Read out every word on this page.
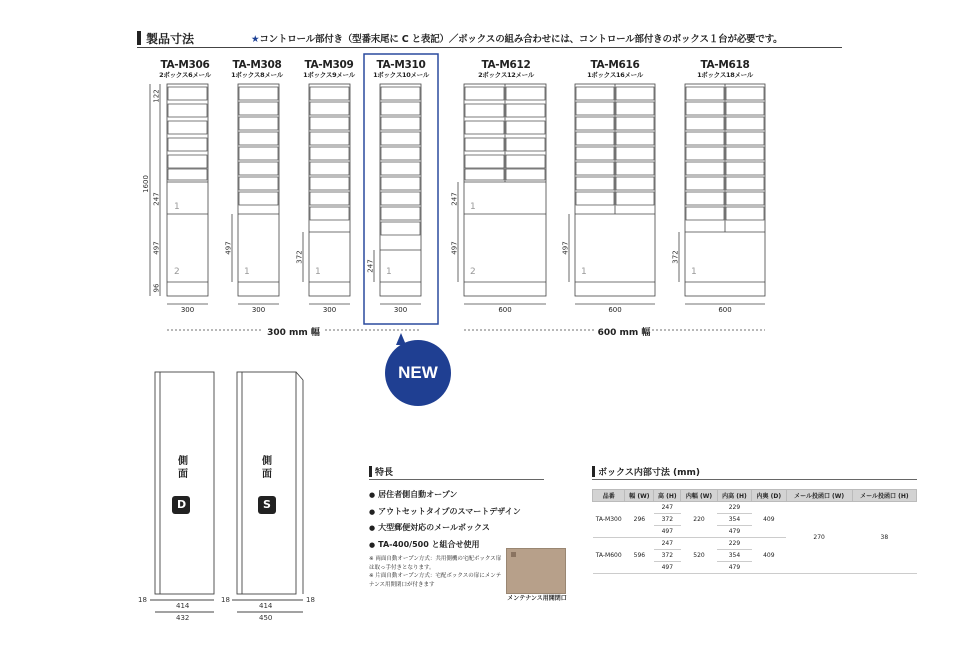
製品寸法	★コントロール部付き（型番末尾に C と表記）／ボックスの組み合わせには、コントロール部付きのボックス１台が必要です。
TA-M306
2ボックス6メール
TA-M308
1ボックス8メール
TA-M309
1ボックス9メール
TA-M310
1ボックス10メール
TA-M612
2ボックス12メール
TA-M616
1ボックス16メール
TA-M618
1ボックス18メール
1600
122
247
497
96
497
372
247
247
497	497
372
1
2	1	1	1
1
2	1	1
300	300	300	300	600	600	600
300 mm 幅	600 mm 幅
NEW
側面
側面
D	S
18
414
432
18
414
450
18
特長
● 居住者側自動オープン
● アウトセットタイプのスマートデザイン
● 大型郵便対応のメールボックス
● TA-400/500 と組合せ使用
※ 両面自動オープン方式：共用側機の宅配ボックス扉は取っ手付きとなります。
※ 片面自動オープン方式：宅配ボックスの扉にメンテナンス用開閉口が付きます
メンテナンス用開閉口
ボックス内部寸法 (mm)
品番	幅 (W)	高 (H)	内幅 (W)	内高 (H)	内奥 (D)	メール投函口 (W)	メール投函口 (H)
TA-M300	296	247	220	229	409	270	38
		372		354			
		497		479			
TA-M600	596	247	520	229	409		
		372		354			
		497		479			
